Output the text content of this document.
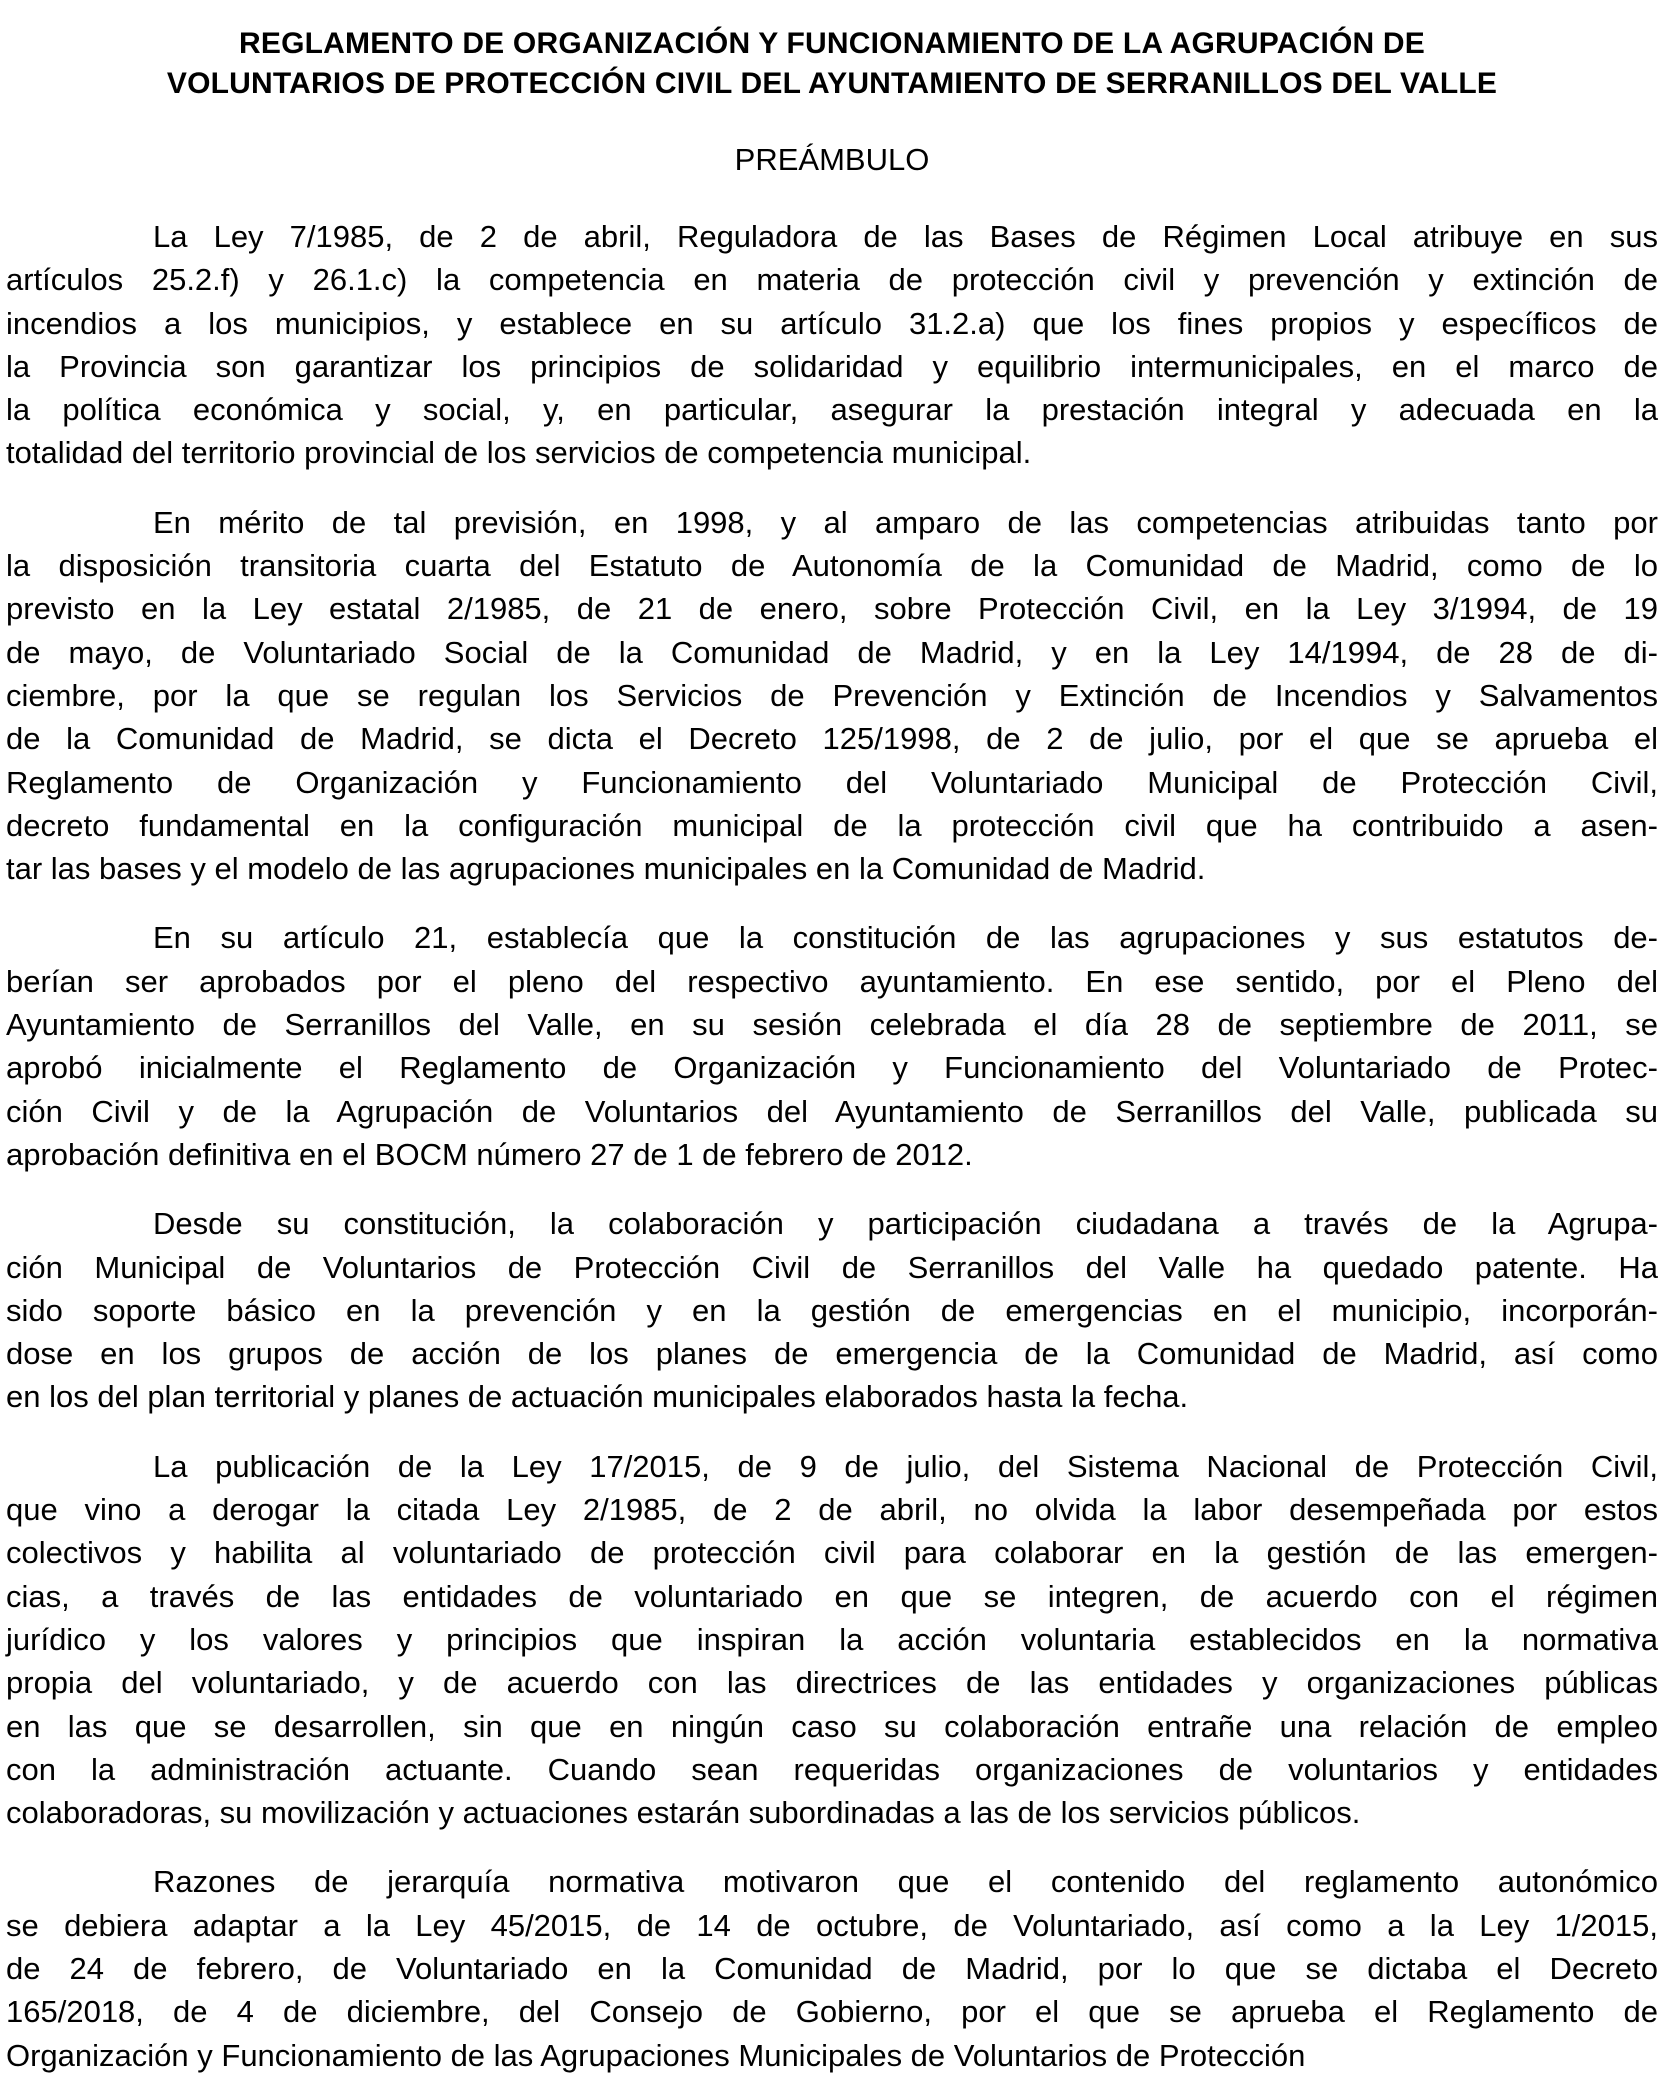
REGLAMENTO DE ORGANIZACIÓN Y FUNCIONAMIENTO DE LA AGRUPACIÓN DE
VOLUNTARIOS DE PROTECCIÓN CIVIL DEL AYUNTAMIENTO DE SERRANILLOS DEL VALLE
PREÁMBULO
La Ley 7/1985, de 2 de abril, Reguladora de las Bases de Régimen Local atribuye en sus
artículos 25.2.f) y 26.1.c) la competencia en materia de protección civil y prevención y extinción de
incendios a los municipios, y establece en su artículo 31.2.a) que los fines propios y específicos de
la Provincia son garantizar los principios de solidaridad y equilibrio intermunicipales, en el marco de
la política económica y social, y, en particular, asegurar la prestación integral y adecuada en la
totalidad del territorio provincial de los servicios de competencia municipal.
En mérito de tal previsión, en 1998, y al amparo de las competencias atribuidas tanto por
la disposición transitoria cuarta del Estatuto de Autonomía de la Comunidad de Madrid, como de lo
previsto en la Ley estatal 2/1985, de 21 de enero, sobre Protección Civil, en la Ley 3/1994, de 19
de mayo, de Voluntariado Social de la Comunidad de Madrid, y en la Ley 14/1994, de 28 de di-
ciembre, por la que se regulan los Servicios de Prevención y Extinción de Incendios y Salvamentos
de la Comunidad de Madrid, se dicta el Decreto 125/1998, de 2 de julio, por el que se aprueba el
Reglamento de Organización y Funcionamiento del Voluntariado Municipal de Protección Civil,
decreto fundamental en la configuración municipal de la protección civil que ha contribuido a asen-
tar las bases y el modelo de las agrupaciones municipales en la Comunidad de Madrid.
En su artículo 21, establecía que la constitución de las agrupaciones y sus estatutos de-
berían ser aprobados por el pleno del respectivo ayuntamiento. En ese sentido, por el Pleno del
Ayuntamiento de Serranillos del Valle, en su sesión celebrada el día 28 de septiembre de 2011, se
aprobó inicialmente el Reglamento de Organización y Funcionamiento del Voluntariado de Protec-
ción Civil y de la Agrupación de Voluntarios del Ayuntamiento de Serranillos del Valle, publicada su
aprobación definitiva en el BOCM número 27 de 1 de febrero de 2012.
Desde su constitución, la colaboración y participación ciudadana a través de la Agrupa-
ción Municipal de Voluntarios de Protección Civil de Serranillos del Valle ha quedado patente. Ha
sido soporte básico en la prevención y en la gestión de emergencias en el municipio, incorporán-
dose en los grupos de acción de los planes de emergencia de la Comunidad de Madrid, así como
en los del plan territorial y planes de actuación municipales elaborados hasta la fecha.
La publicación de la Ley 17/2015, de 9 de julio, del Sistema Nacional de Protección Civil,
que vino a derogar la citada Ley 2/1985, de 2 de abril, no olvida la labor desempeñada por estos
colectivos y habilita al voluntariado de protección civil para colaborar en la gestión de las emergen-
cias, a través de las entidades de voluntariado en que se integren, de acuerdo con el régimen
jurídico y los valores y principios que inspiran la acción voluntaria establecidos en la normativa
propia del voluntariado, y de acuerdo con las directrices de las entidades y organizaciones públicas
en las que se desarrollen, sin que en ningún caso su colaboración entrañe una relación de empleo
con la administración actuante. Cuando sean requeridas organizaciones de voluntarios y entidades
colaboradoras, su movilización y actuaciones estarán subordinadas a las de los servicios públicos.
Razones de jerarquía normativa motivaron que el contenido del reglamento autonómico
se debiera adaptar a la Ley 45/2015, de 14 de octubre, de Voluntariado, así como a la Ley 1/2015,
de 24 de febrero, de Voluntariado en la Comunidad de Madrid, por lo que se dictaba el Decreto
165/2018, de 4 de diciembre, del Consejo de Gobierno, por el que se aprueba el Reglamento de
Organización y Funcionamiento de las Agrupaciones Municipales de Voluntarios de Protección
